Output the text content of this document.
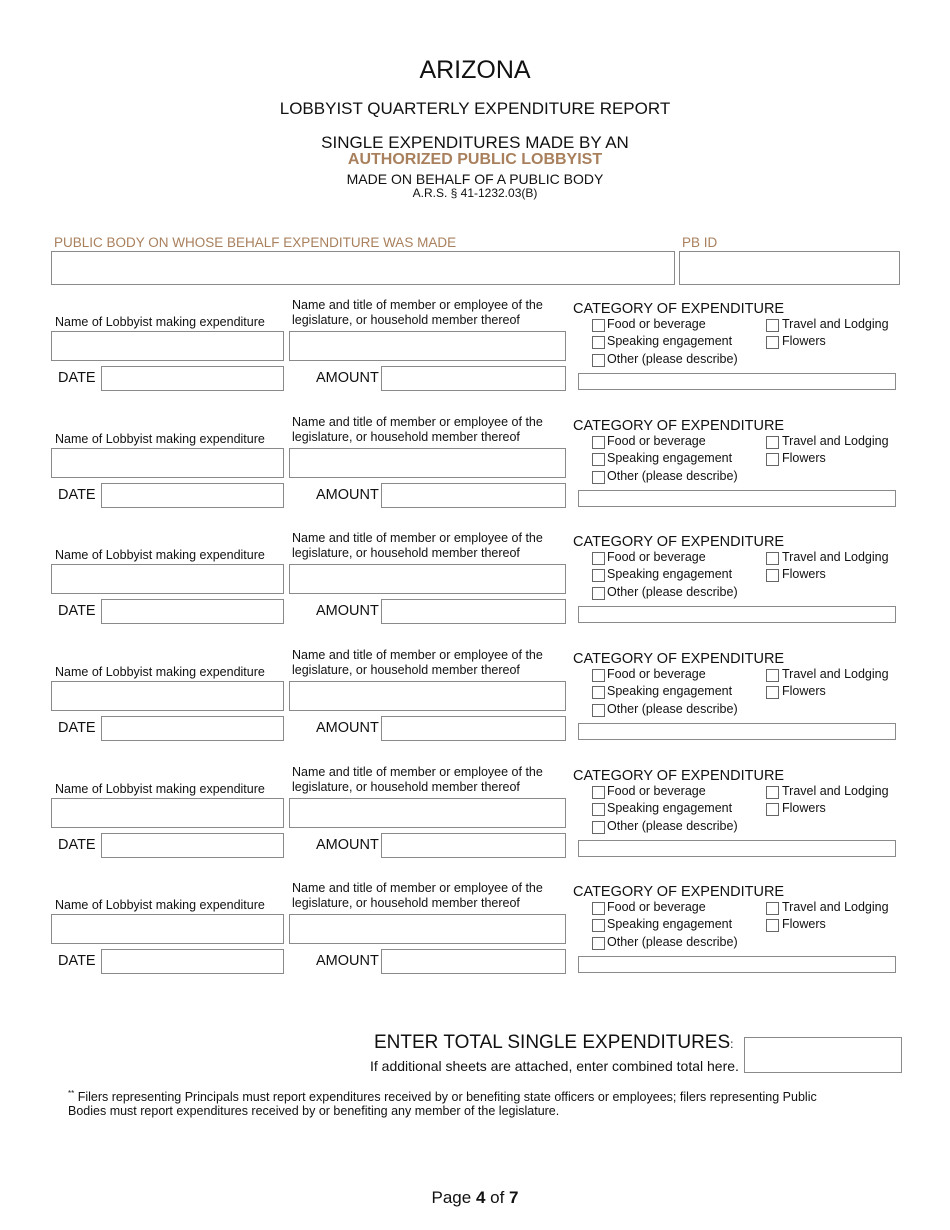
ARIZONA
LOBBYIST QUARTERLY EXPENDITURE REPORT
SINGLE EXPENDITURES MADE BY AN
AUTHORIZED PUBLIC LOBBYIST
MADE ON BEHALF OF A PUBLIC BODY
A.R.S. § 41-1232.03(B)
PUBLIC BODY ON WHOSE BEHALF EXPENDITURE WAS MADE	PB ID
Name of Lobbyist making expenditure
Name and title of member or employee of the
legislature, or household member thereof
DATE	AMOUNT
CATEGORY OF EXPENDITURE
Food or beverage
Speaking engagement
Other (please describe)
Travel and Lodging
Flowers
Name of Lobbyist making expenditure
Name and title of member or employee of the
legislature, or household member thereof
DATE	AMOUNT
CATEGORY OF EXPENDITURE
Food or beverage
Speaking engagement
Other (please describe)
Travel and Lodging
Flowers
Name of Lobbyist making expenditure
Name and title of member or employee of the
legislature, or household member thereof
DATE	AMOUNT
CATEGORY OF EXPENDITURE
Food or beverage
Speaking engagement
Other (please describe)
Travel and Lodging
Flowers
Name of Lobbyist making expenditure
Name and title of member or employee of the
legislature, or household member thereof
DATE	AMOUNT
CATEGORY OF EXPENDITURE
Food or beverage
Speaking engagement
Other (please describe)
Travel and Lodging
Flowers
Name of Lobbyist making expenditure
Name and title of member or employee of the
legislature, or household member thereof
DATE	AMOUNT
CATEGORY OF EXPENDITURE
Food or beverage
Speaking engagement
Other (please describe)
Travel and Lodging
Flowers
Name of Lobbyist making expenditure
Name and title of member or employee of the
legislature, or household member thereof
DATE	AMOUNT
CATEGORY OF EXPENDITURE
Food or beverage
Speaking engagement
Other (please describe)
Travel and Lodging
Flowers
ENTER TOTAL SINGLE EXPENDITURES:
If additional sheets are attached, enter combined total here.
** Filers representing Principals must report expenditures received by or benefiting state officers or employees; filers representing Public
Bodies must report expenditures received by or benefiting any member of the legislature.
Page 4 of 7
